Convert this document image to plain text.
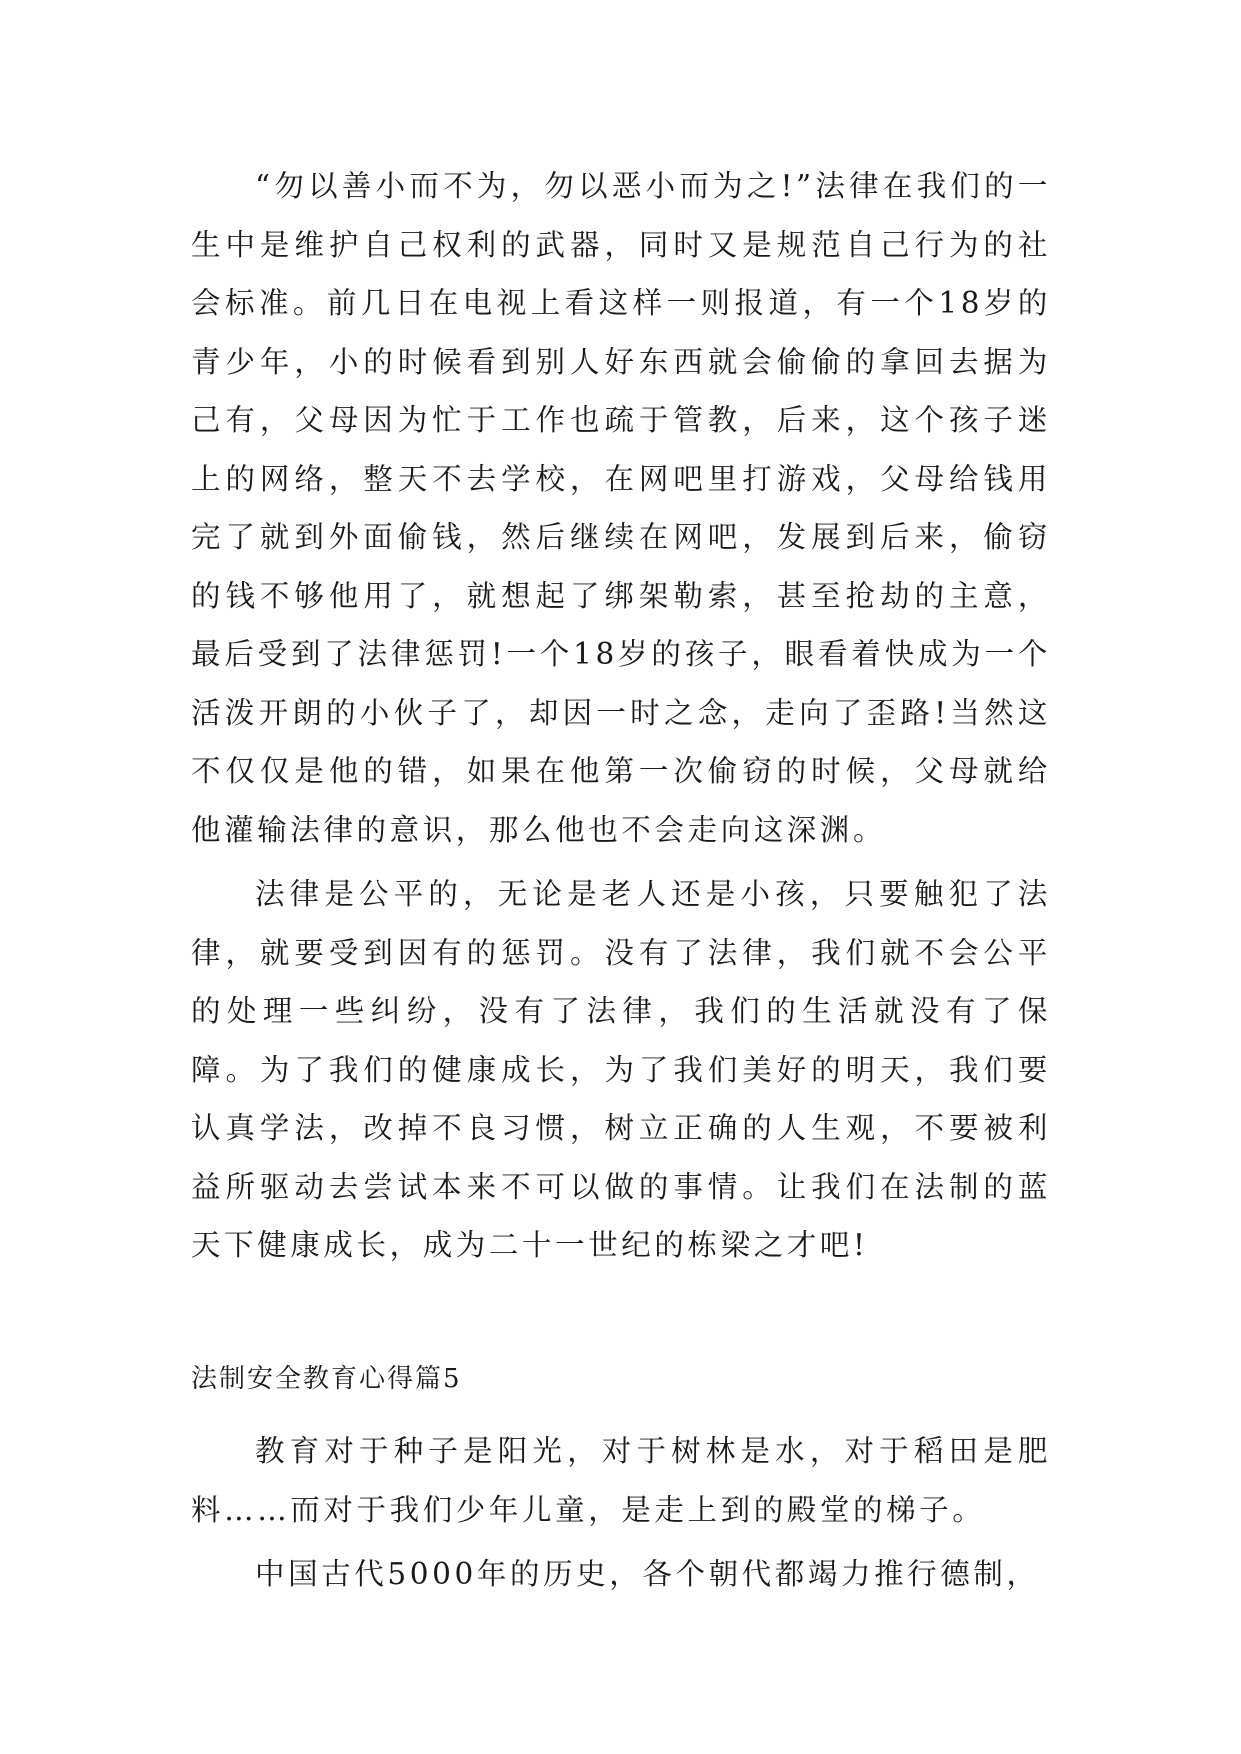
“勿以善小而不为，勿以恶小而为之!”法律在我们的一生中是维护自己权利的武器，同时又是规范自己行为的社会标准。前几日在电视上看这样一则报道，有一个18岁的青少年，小的时候看到别人好东西就会偷偷的拿回去据为己有，父母因为忙于工作也疏于管教，后来，这个孩子迷上的网络，整天不去学校，在网吧里打游戏，父母给钱用完了就到外面偷钱，然后继续在网吧，发展到后来，偷窃的钱不够他用了，就想起了绑架勒索，甚至抢劫的主意，最后受到了法律惩罚!一个18岁的孩子，眼看着快成为一个活泼开朗的小伙子了，却因一时之念，走向了歪路!当然这不仅仅是他的错，如果在他第一次偷窃的时候，父母就给他灌输法律的意识，那么他也不会走向这深渊。

法律是公平的，无论是老人还是小孩，只要触犯了法律，就要受到因有的惩罚。没有了法律，我们就不会公平的处理一些纠纷，没有了法律，我们的生活就没有了保障。为了我们的健康成长，为了我们美好的明天，我们要认真学法，改掉不良习惯，树立正确的人生观，不要被利益所驱动去尝试本来不可以做的事情。让我们在法制的蓝天下健康成长，成为二十一世纪的栋梁之才吧!

法制安全教育心得篇5

教育对于种子是阳光，对于树林是水，对于稻田是肥料……而对于我们少年儿童，是走上到的殿堂的梯子。

中国古代5000年的历史，各个朝代都竭力推行德制，
